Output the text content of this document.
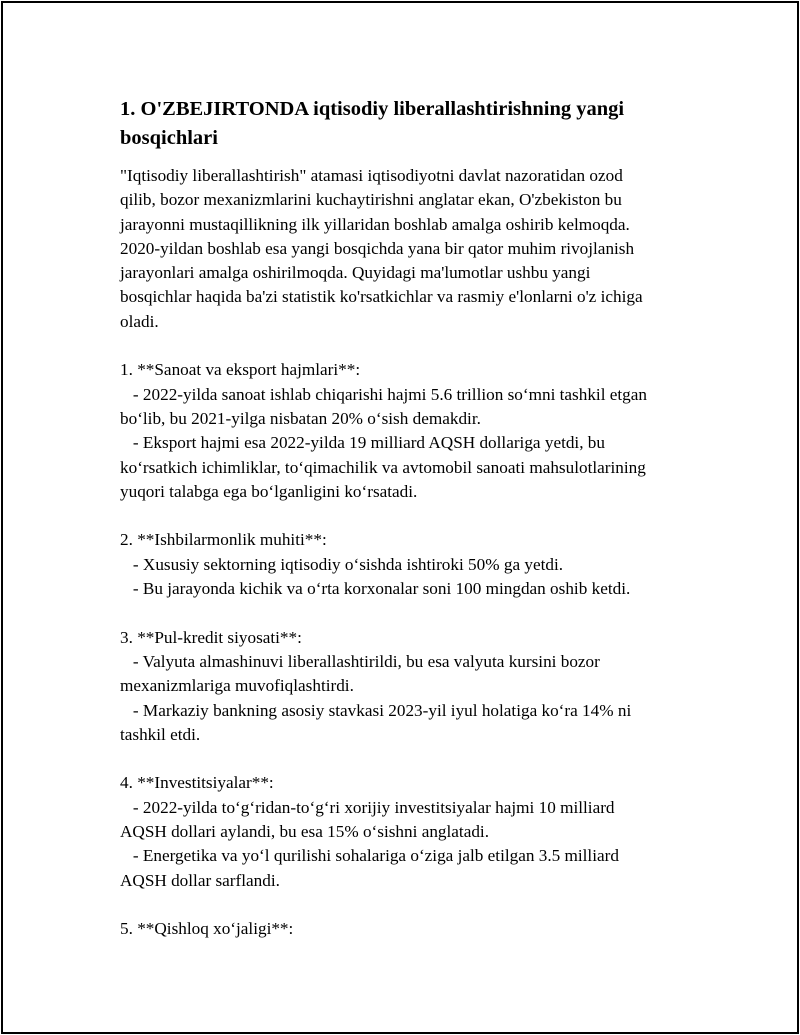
1. O'ZBEJIRTONDA iqtisodiy liberallashtirishning yangi bosqichlari

"Iqtisodiy liberallashtirish" atamasi iqtisodiyotni davlat nazoratidan ozod
qilib, bozor mexanizmlarini kuchaytirishni anglatar ekan, O'zbekiston bu
jarayonni mustaqillikning ilk yillaridan boshlab amalga oshirib kelmoqda.
2020-yildan boshlab esa yangi bosqichda yana bir qator muhim rivojlanish
jarayonlari amalga oshirilmoqda. Quyidagi ma'lumotlar ushbu yangi
bosqichlar haqida ba'zi statistik ko'rsatkichlar va rasmiy e'lonlarni o'z ichiga
oladi.

1. **Sanoat va eksport hajmlari**:
- 2022-yilda sanoat ishlab chiqarishi hajmi 5.6 trillion so‘mni tashkil etgan
bo‘lib, bu 2021-yilga nisbatan 20% o‘sish demakdir.
- Eksport hajmi esa 2022-yilda 19 milliard AQSH dollariga yetdi, bu
ko‘rsatkich ichimliklar, to‘qimachilik va avtomobil sanoati mahsulotlarining
yuqori talabga ega bo‘lganligini ko‘rsatadi.

2. **Ishbilarmonlik muhiti**:
- Xususiy sektorning iqtisodiy o‘sishda ishtiroki 50% ga yetdi.
- Bu jarayonda kichik va o‘rta korxonalar soni 100 mingdan oshib ketdi.

3. **Pul-kredit siyosati**:
- Valyuta almashinuvi liberallashtirildi, bu esa valyuta kursini bozor
mexanizmlariga muvofiqlashtirdi.
- Markaziy bankning asosiy stavkasi 2023-yil iyul holatiga ko‘ra 14% ni
tashkil etdi.

4. **Investitsiyalar**:
- 2022-yilda to‘g‘ridan-to‘g‘ri xorijiy investitsiyalar hajmi 10 milliard
AQSH dollari aylandi, bu esa 15% o‘sishni anglatadi.
- Energetika va yo‘l qurilishi sohalariga o‘ziga jalb etilgan 3.5 milliard
AQSH dollar sarflandi.

5. **Qishloq xo‘jaligi**:
